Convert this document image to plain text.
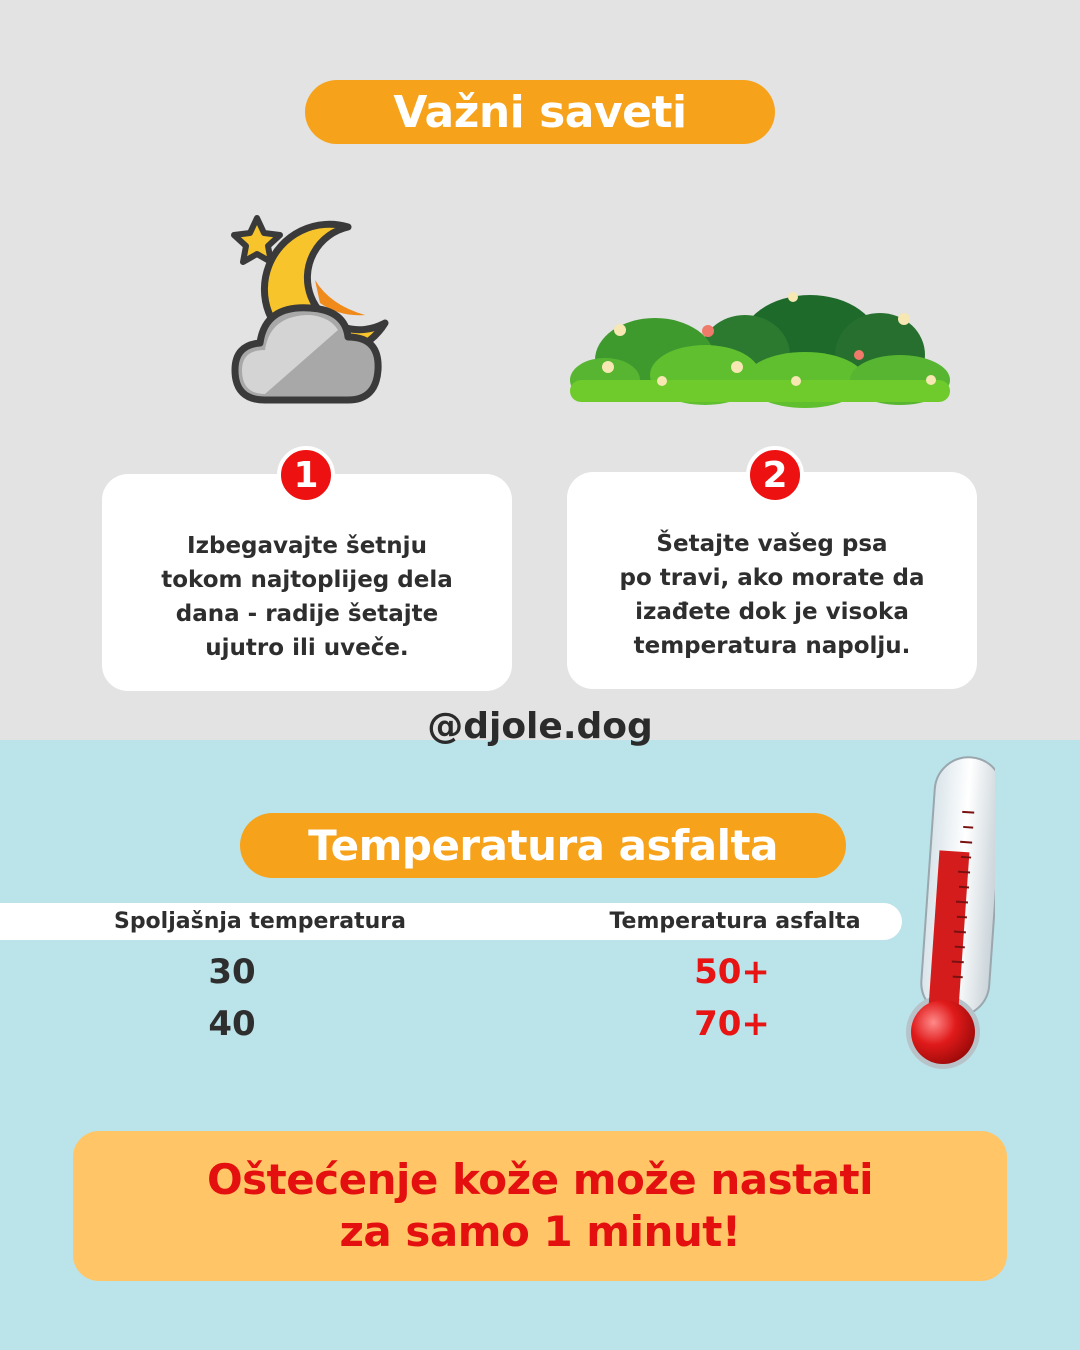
Važni saveti
Izbegavajte šetnju
tokom najtoplijeg dela
dana - radije šetajte
ujutro ili uveče.
1
Šetajte vašeg psa
po travi, ako morate da
izađete dok je visoka
temperatura napolju.
2
@djole.dog
Temperatura asfalta
Spoljašnja temperatura	Temperatura asfalta
30	50+
40	70+
Oštećenje kože može nastati
za samo 1 minut!
